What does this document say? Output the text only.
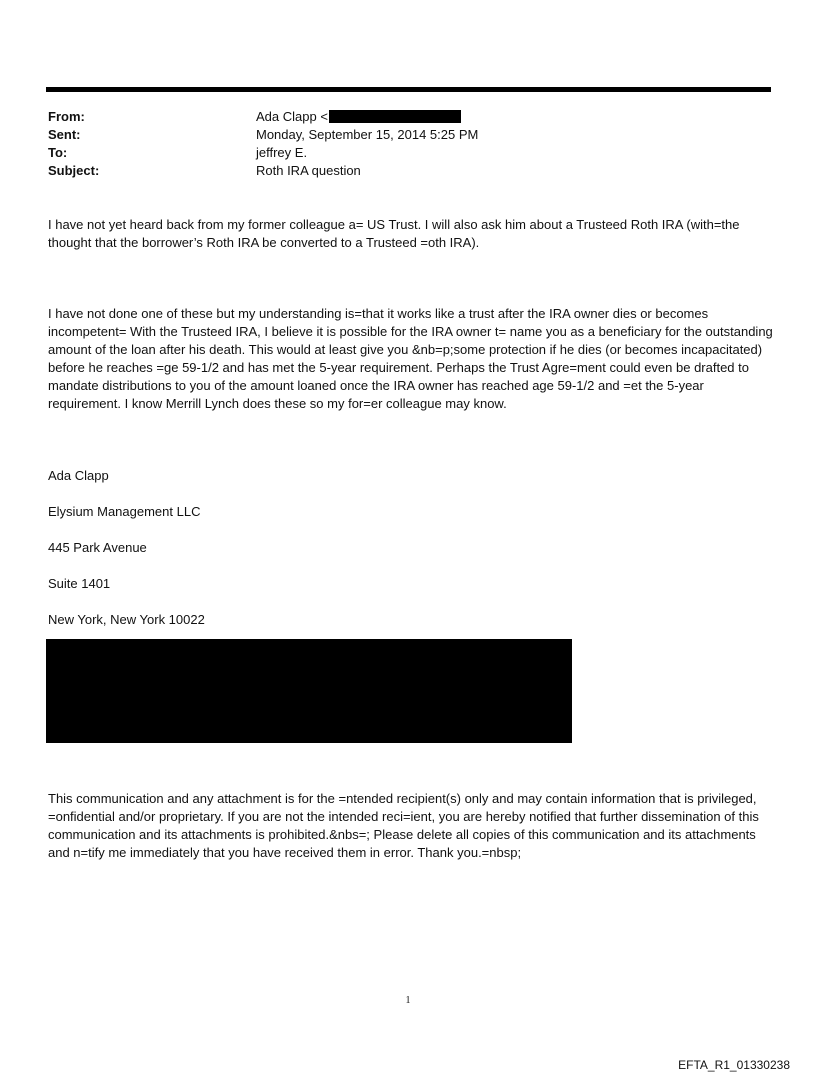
From:	Ada Clapp <
Sent:	Monday, September 15, 2014 5:25 PM
To:	jeffrey E.
Subject:	Roth IRA question

I have not yet heard back from my former colleague a= US Trust. I will also ask him about a Trusteed Roth IRA (with=the thought that the borrower’s Roth IRA be converted to a Trusteed =oth IRA).

I have not done one of these but my understanding is=that it works like a trust after the IRA owner dies or becomes incompetent= With the Trusteed IRA, I believe it is possible for the IRA owner t= name you as a beneficiary for the outstanding amount of the loan after his death. This would at least give you &nb=p;some protection if he dies (or becomes incapacitated) before he reaches =ge 59-1/2 and has met the 5-year requirement. Perhaps the Trust Agre=ment could even be drafted to mandate distributions to you of the amount loaned once the IRA owner has reached age 59-1/2 and =et the 5-year requirement. I know Merrill Lynch does these so my for=er colleague may know.

Ada Clapp
Elysium Management LLC
445 Park Avenue
Suite 1401
New York, New York 10022

This communication and any attachment is for the =ntended recipient(s) only and may contain information that is privileged, =onfidential and/or proprietary. If you are not the intended reci=ient, you are hereby notified that further dissemination of this communication and its attachments is prohibited.&nbs=; Please delete all copies of this communication and its attachments and n=tify me immediately that you have received them in error. Thank you.=nbsp;

1
EFTA_R1_01330238
